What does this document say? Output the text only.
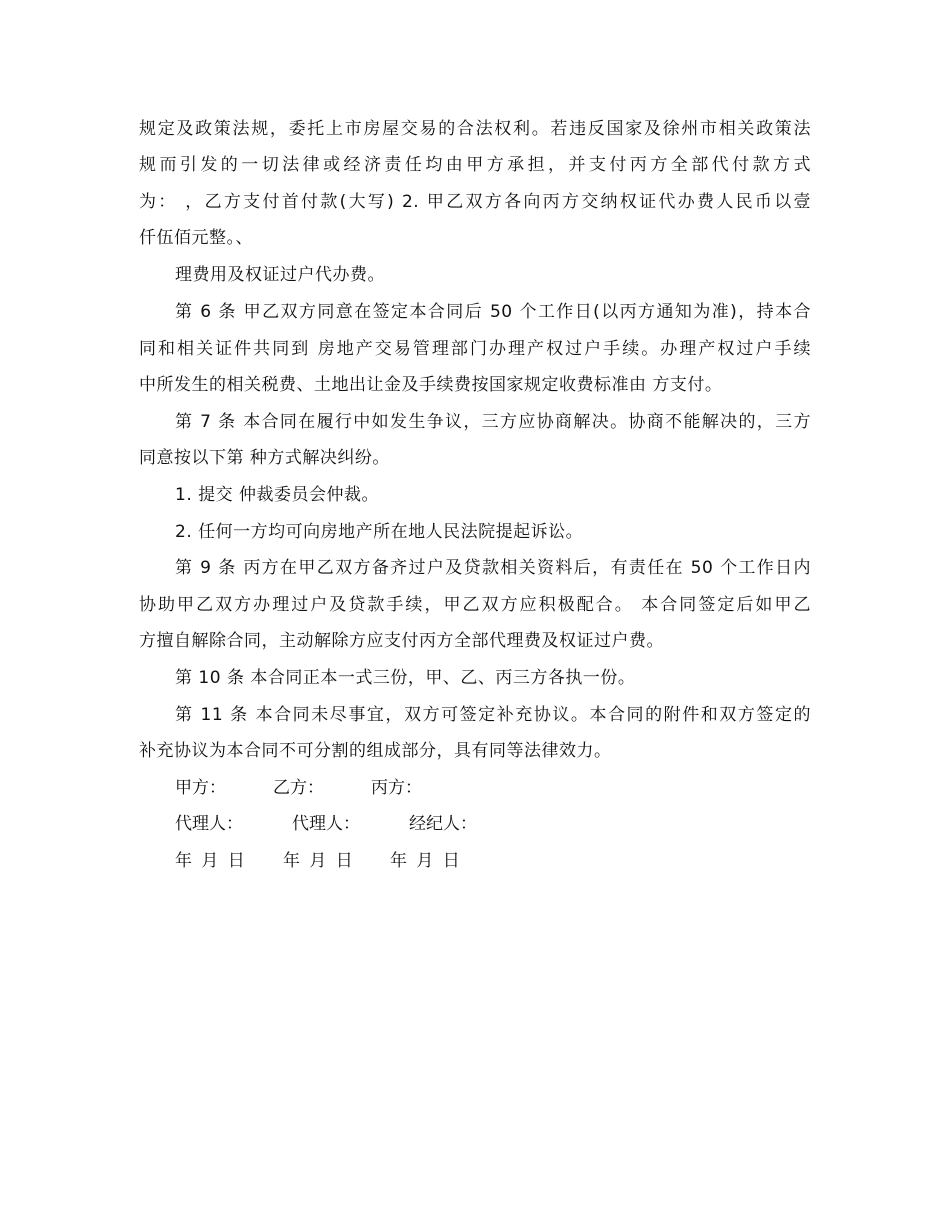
规定及政策法规，委托上市房屋交易的合法权利。若违反国家及徐州市相关政策法
规而引发的一切法律或经济责任均由甲方承担，并支付丙方全部代付款方式
为： ，乙方支付首付款(大写) 2. 甲乙双方各向丙方交纳权证代办费人民币以壹
仟伍佰元整。、
理费用及权证过户代办费。
第 6 条 甲乙双方同意在签定本合同后 50 个工作日(以丙方通知为准)，持本合
同和相关证件共同到 房地产交易管理部门办理产权过户手续。办理产权过户手续
中所发生的相关税费、土地出让金及手续费按国家规定收费标准由 方支付。
第 7 条 本合同在履行中如发生争议，三方应协商解决。协商不能解决的，三方
同意按以下第 种方式解决纠纷。
1. 提交 仲裁委员会仲裁。
2. 任何一方均可向房地产所在地人民法院提起诉讼。
第 9 条 丙方在甲乙双方备齐过户及贷款相关资料后，有责任在 50 个工作日内
协助甲乙双方办理过户及贷款手续，甲乙双方应积极配合。 本合同签定后如甲乙
方擅自解除合同，主动解除方应支付丙方全部代理费及权证过户费。
第 10 条 本合同正本一式三份，甲、乙、丙三方各执一份。
第 11 条 本合同未尽事宜，双方可签定补充协议。本合同的附件和双方签定的
补充协议为本合同不可分割的组成部分，具有同等法律效力。
甲方：	乙方：	丙方：
代理人：	代理人：	经纪人：
年 月 日 年 月 日 年 月 日
